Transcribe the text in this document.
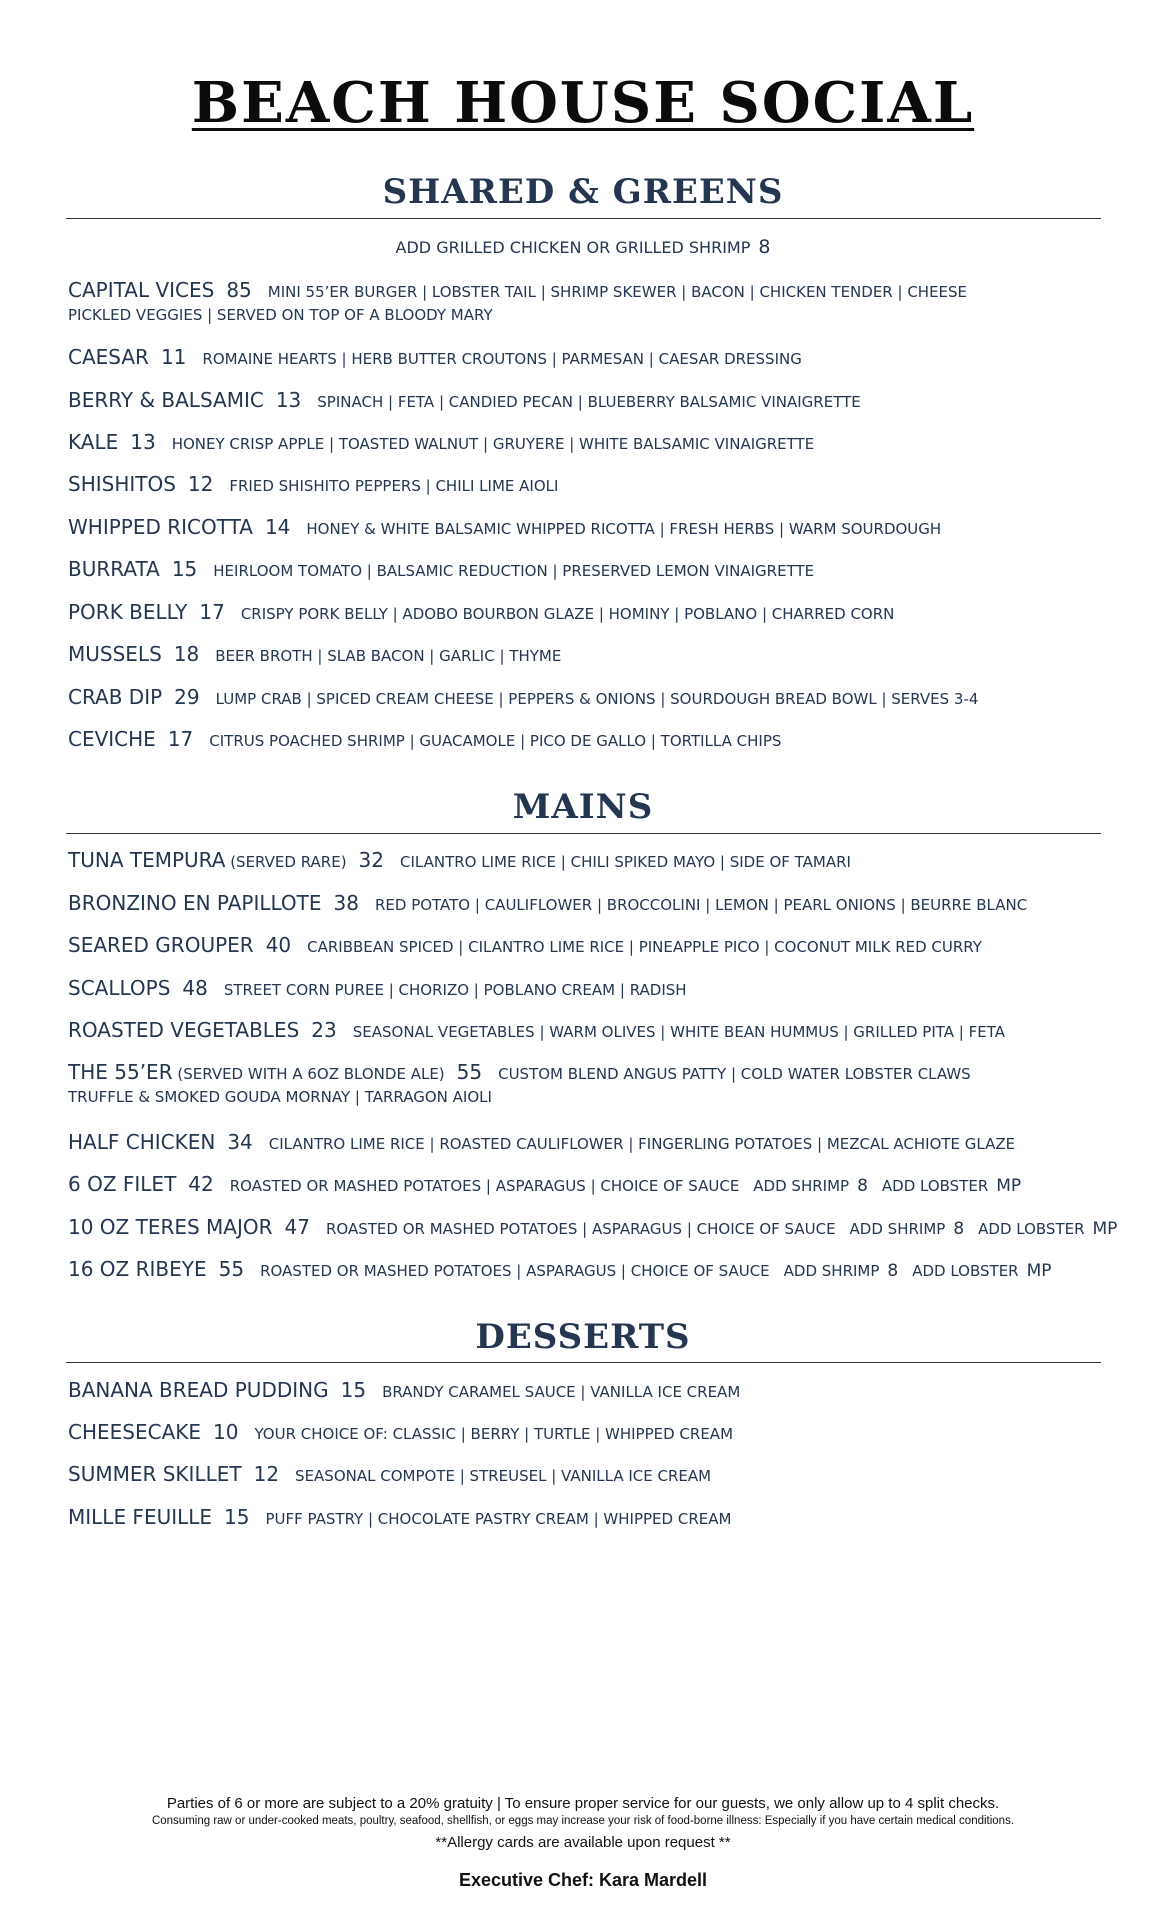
BEACH HOUSE SOCIAL
SHARED & GREENS
ADD GRILLED CHICKEN OR GRILLED SHRIMP 8
CAPITAL VICES 85 MINI 55’ER BURGER | LOBSTER TAIL | SHRIMP SKEWER | BACON | CHICKEN TENDER | CHEESE
PICKLED VEGGIES | SERVED ON TOP OF A BLOODY MARY
CAESAR 11 ROMAINE HEARTS | HERB BUTTER CROUTONS | PARMESAN | CAESAR DRESSING
BERRY & BALSAMIC 13 SPINACH | FETA | CANDIED PECAN | BLUEBERRY BALSAMIC VINAIGRETTE
KALE 13 HONEY CRISP APPLE | TOASTED WALNUT | GRUYERE | WHITE BALSAMIC VINAIGRETTE
SHISHITOS 12 FRIED SHISHITO PEPPERS | CHILI LIME AIOLI
WHIPPED RICOTTA 14 HONEY & WHITE BALSAMIC WHIPPED RICOTTA | FRESH HERBS | WARM SOURDOUGH
BURRATA 15 HEIRLOOM TOMATO | BALSAMIC REDUCTION | PRESERVED LEMON VINAIGRETTE
PORK BELLY 17 CRISPY PORK BELLY | ADOBO BOURBON GLAZE | HOMINY | POBLANO | CHARRED CORN
MUSSELS 18 BEER BROTH | SLAB BACON | GARLIC | THYME
CRAB DIP 29 LUMP CRAB | SPICED CREAM CHEESE | PEPPERS & ONIONS | SOURDOUGH BREAD BOWL | SERVES 3-4
CEVICHE 17 CITRUS POACHED SHRIMP | GUACAMOLE | PICO DE GALLO | TORTILLA CHIPS
MAINS
TUNA TEMPURA (SERVED RARE) 32 CILANTRO LIME RICE | CHILI SPIKED MAYO | SIDE OF TAMARI
BRONZINO EN PAPILLOTE 38 RED POTATO | CAULIFLOWER | BROCCOLINI | LEMON | PEARL ONIONS | BEURRE BLANC
SEARED GROUPER 40 CARIBBEAN SPICED | CILANTRO LIME RICE | PINEAPPLE PICO | COCONUT MILK RED CURRY
SCALLOPS 48 STREET CORN PUREE | CHORIZO | POBLANO CREAM | RADISH
ROASTED VEGETABLES 23 SEASONAL VEGETABLES | WARM OLIVES | WHITE BEAN HUMMUS | GRILLED PITA | FETA
THE 55’ER (SERVED WITH A 6OZ BLONDE ALE) 55 CUSTOM BLEND ANGUS PATTY | COLD WATER LOBSTER CLAWS
TRUFFLE & SMOKED GOUDA MORNAY | TARRAGON AIOLI
HALF CHICKEN 34 CILANTRO LIME RICE | ROASTED CAULIFLOWER | FINGERLING POTATOES | MEZCAL ACHIOTE GLAZE
6 OZ FILET 42 ROASTED OR MASHED POTATOES | ASPARAGUS | CHOICE OF SAUCE ADD SHRIMP 8 ADD LOBSTER MP
10 OZ TERES MAJOR 47 ROASTED OR MASHED POTATOES | ASPARAGUS | CHOICE OF SAUCE ADD SHRIMP 8 ADD LOBSTER MP
16 OZ RIBEYE 55 ROASTED OR MASHED POTATOES | ASPARAGUS | CHOICE OF SAUCE ADD SHRIMP 8 ADD LOBSTER MP
DESSERTS
BANANA BREAD PUDDING 15 BRANDY CARAMEL SAUCE | VANILLA ICE CREAM
CHEESECAKE 10 YOUR CHOICE OF: CLASSIC | BERRY | TURTLE | WHIPPED CREAM
SUMMER SKILLET 12 SEASONAL COMPOTE | STREUSEL | VANILLA ICE CREAM
MILLE FEUILLE 15 PUFF PASTRY | CHOCOLATE PASTRY CREAM | WHIPPED CREAM
Parties of 6 or more are subject to a 20% gratuity | To ensure proper service for our guests, we only allow up to 4 split checks.
Consuming raw or under-cooked meats, poultry, seafood, shellfish, or eggs may increase your risk of food-borne illness: Especially if you have certain medical conditions.
**Allergy cards are available upon request **
Executive Chef: Kara Mardell
